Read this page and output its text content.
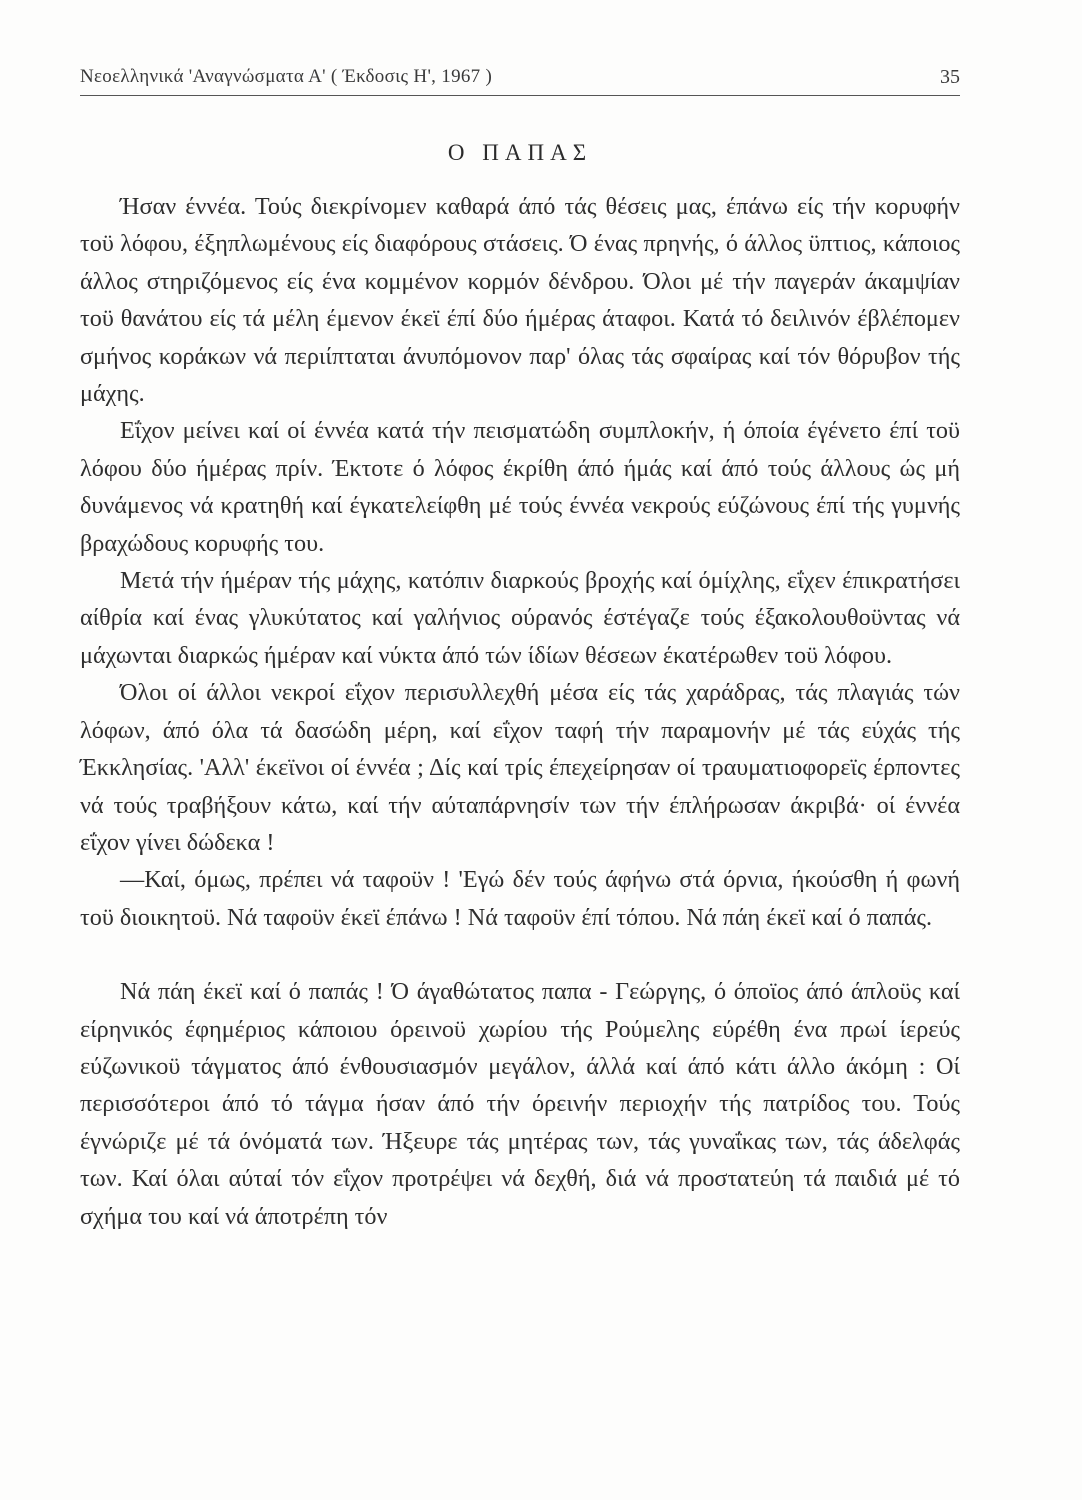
Νεοελληνικά 'Αναγνώσματα Α' ( Έκδοσις Η', 1967 )	35
Ο ΠΑΠΑΣ

Ήσαν έννέα. Τούς διεκρίνομεν καθαρά άπό τάς θέσεις μας, έπάνω είς τήν κορυφήν τοϋ λόφου, έξηπλωμένους είς διαφόρους στάσεις. Ό ένας πρηνής, ό άλλος ϋπτιος, κάποιος άλλος στηριζόμενος είς ένα κομμένον κορμόν δένδρου. Όλοι μέ τήν παγεράν άκαμψίαν τοϋ θανάτου είς τά μέλη έμενον έκεϊ έπί δύο ήμέρας άταφοι. Κατά τό δειλινόν έβλέπομεν σμήνος κοράκων νά περιίπταται άνυπόμονον παρ' όλας τάς σφαίρας καί τόν θόρυβον τής μάχης.

Εΐχον μείνει καί οί έννέα κατά τήν πεισματώδη συμπλοκήν, ή όποία έγένετο έπί τοϋ λόφου δύο ήμέρας πρίν. Έκτοτε ό λόφος έκρίθη άπό ήμάς καί άπό τούς άλλους ώς μή δυνάμενος νά κρατηθή καί έγκατελείφθη μέ τούς έννέα νεκρούς εύζώνους έπί τής γυμνής βραχώδους κορυφής του.

Μετά τήν ήμέραν τής μάχης, κατόπιν διαρκούς βροχής καί όμίχλης, εΐχεν έπικρατήσει αίθρία καί ένας γλυκύτατος καί γαλήνιος ούρανός έστέγαζε τούς έξακολουθοϋντας νά μάχωνται διαρκώς ήμέραν καί νύκτα άπό τών ίδίων θέσεων έκατέρωθεν τοϋ λόφου.

Όλοι οί άλλοι νεκροί εΐχον περισυλλεχθή μέσα είς τάς χαράδρας, τάς πλαγιάς τών λόφων, άπό όλα τά δασώδη μέρη, καί εΐχον ταφή τήν παραμονήν μέ τάς εύχάς τής Έκκλησίας. 'Αλλ' έκεϊνοι οί έννέα ; Δίς καί τρίς έπεχείρησαν οί τραυματιοφορεϊς έρποντες νά τούς τραβήξουν κάτω, καί τήν αύταπάρνησίν των τήν έπλήρωσαν άκριβά· οί έννέα εΐχον γίνει δώδεκα !

—Καί, όμως, πρέπει νά ταφοϋν ! 'Εγώ δέν τούς άφήνω στά όρνια, ήκούσθη ή φωνή τοϋ διοικητοϋ. Νά ταφοϋν έκεϊ έπάνω ! Νά ταφοϋν έπί τόπου. Νά πάη έκεϊ καί ό παπάς.

Νά πάη έκεϊ καί ό παπάς ! Ό άγαθώτατος παπα - Γεώργης, ό όποϊος άπό άπλοϋς καί είρηνικός έφημέριος κάποιου όρεινοϋ χωρίου τής Ρούμελης εύρέθη ένα πρωί ίερεύς εύζωνικοϋ τάγματος άπό ένθουσιασμόν μεγάλον, άλλά καί άπό κάτι άλλο άκόμη : Οί περισσότεροι άπό τό τάγμα ήσαν άπό τήν όρεινήν περιοχήν τής πατρίδος του. Τούς έγνώριζε μέ τά όνόματά των. Ήξευρε τάς μητέρας των, τάς γυναΐκας των, τάς άδελφάς των. Καί όλαι αύταί τόν εΐχον προτρέψει νά δεχθή, διά νά προστατεύη τά παιδιά μέ τό σχήμα του καί νά άποτρέπη τόν
